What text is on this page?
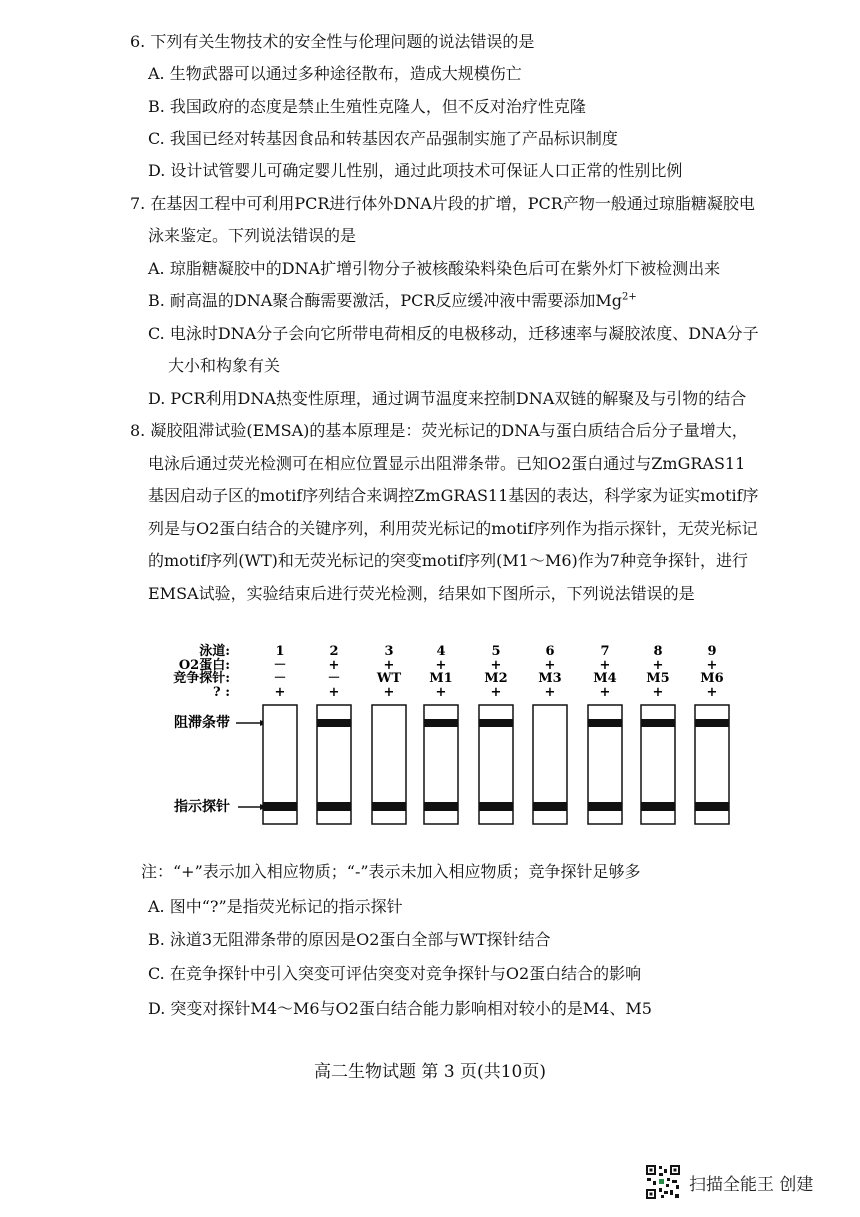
6. 下列有关生物技术的安全性与伦理问题的说法错误的是
A. 生物武器可以通过多种途径散布，造成大规模伤亡
B. 我国政府的态度是禁止生殖性克隆人，但不反对治疗性克隆
C. 我国已经对转基因食品和转基因农产品强制实施了产品标识制度
D. 设计试管婴儿可确定婴儿性别，通过此项技术可保证人口正常的性别比例
7. 在基因工程中可利用PCR进行体外DNA片段的扩增，PCR产物一般通过琼脂糖凝胶电
泳来鉴定。下列说法错误的是
A. 琼脂糖凝胶中的DNA扩增引物分子被核酸染料染色后可在紫外灯下被检测出来
B. 耐高温的DNA聚合酶需要激活，PCR反应缓冲液中需要添加$Mg^{2+}$
C. 电泳时DNA分子会向它所带电荷相反的电极移动，迁移速率与凝胶浓度、DNA分子
大小和构象有关
D. PCR利用DNA热变性原理，通过调节温度来控制DNA双链的解聚及与引物的结合
8. 凝胶阻滞试验(EMSA)的基本原理是：荧光标记的DNA与蛋白质结合后分子量增大，
电泳后通过荧光检测可在相应位置显示出阻滞条带。已知O2蛋白通过与ZmGRAS11
基因启动子区的motif序列结合来调控ZmGRAS11基因的表达，科学家为证实motif序
列是与O2蛋白结合的关键序列，利用荧光标记的motif序列作为指示探针，无荧光标记
的motif序列(WT)和无荧光标记的突变motif序列(M1～M6)作为7种竞争探针，进行
EMSA试验，实验结束后进行荧光检测，结果如下图所示，下列说法错误的是
泳道:
O2蛋白:
竞争探针:
? :
阻滞条带
指示探针
1
－
－
+
2
+
－
+
3
+
WT
+
4
+
M1
+
5
+
M2
+
6
+
M3
+
7
+
M4
+
8
+
M5
+
9
+
M6
+
注：“+”表示加入相应物质；“-”表示未加入相应物质；竞争探针足够多
A. 图中“?”是指荧光标记的指示探针
B. 泳道3无阻滞条带的原因是O2蛋白全部与WT探针结合
C. 在竞争探针中引入突变可评估突变对竞争探针与O2蛋白结合的影响
D. 突变对探针M4～M6与O2蛋白结合能力影响相对较小的是M4、M5
高二生物试题 第 3 页(共10页)
扫描全能王 创建
